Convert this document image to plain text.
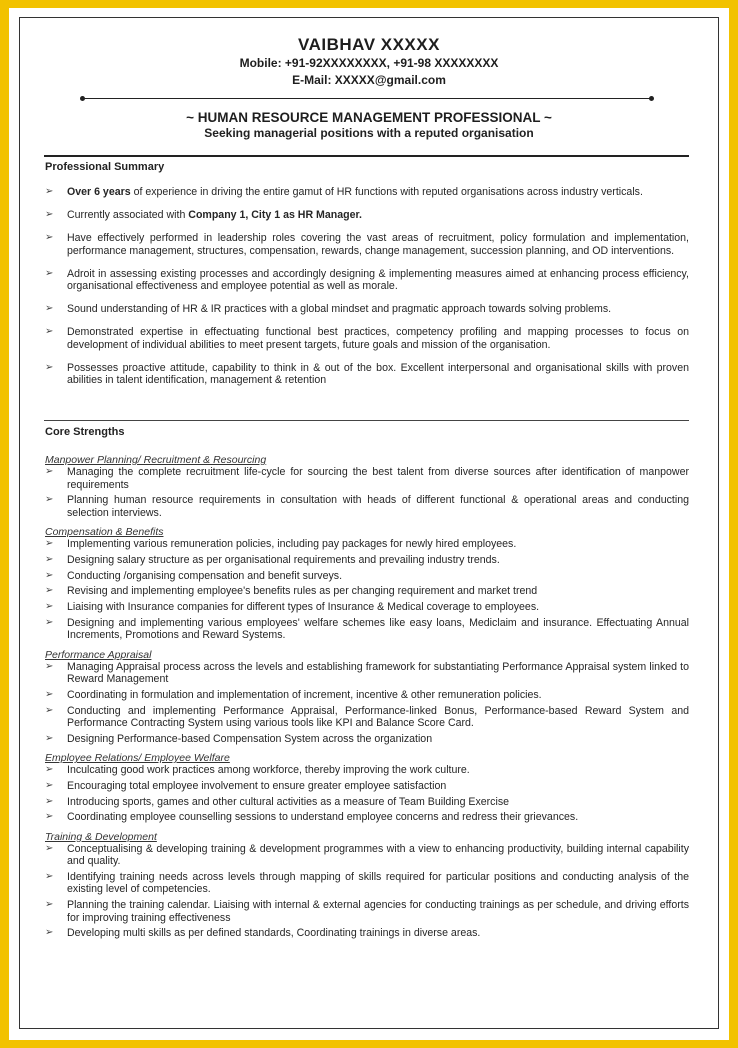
VAIBHAV XXXXX
Mobile: +91-92XXXXXXXX, +91-98 XXXXXXXX
E-Mail: XXXXX@gmail.com
~ HUMAN RESOURCE MANAGEMENT PROFESSIONAL ~
Seeking managerial positions with a reputed organisation
Professional Summary
➢ Over 6 years of experience in driving the entire gamut of HR functions with reputed organisations across industry verticals.
➢ Currently associated with Company 1, City 1 as HR Manager.
➢ Have effectively performed in leadership roles covering the vast areas of recruitment, policy formulation and implementation, performance management, structures, compensation, rewards, change management, succession planning, and OD interventions.
➢ Adroit in assessing existing processes and accordingly designing & implementing measures aimed at enhancing process efficiency, organisational effectiveness and employee potential as well as morale.
➢ Sound understanding of HR & IR practices with a global mindset and pragmatic approach towards solving problems.
➢ Demonstrated expertise in effectuating functional best practices, competency profiling and mapping processes to focus on development of individual abilities to meet present targets, future goals and mission of the organisation.
➢ Possesses proactive attitude, capability to think in & out of the box. Excellent interpersonal and organisational skills with proven abilities in talent identification, management & retention
Core Strengths
Manpower Planning/ Recruitment & Resourcing
➢ Managing the complete recruitment life-cycle for sourcing the best talent from diverse sources after identification of manpower requirements
➢ Planning human resource requirements in consultation with heads of different functional & operational areas and conducting selection interviews.
Compensation & Benefits
➢ Implementing various remuneration policies, including pay packages for newly hired employees.
➢ Designing salary structure as per organisational requirements and prevailing industry trends.
➢ Conducting /organising compensation and benefit surveys.
➢ Revising and implementing employee's benefits rules as per changing requirement and market trend
➢ Liaising with Insurance companies for different types of Insurance & Medical coverage to employees.
➢ Designing and implementing various employees' welfare schemes like easy loans, Mediclaim and insurance. Effectuating Annual Increments, Promotions and Reward Systems.
Performance Appraisal
➢ Managing Appraisal process across the levels and establishing framework for substantiating Performance Appraisal system linked to Reward Management
➢ Coordinating in formulation and implementation of increment, incentive & other remuneration policies.
➢ Conducting and implementing Performance Appraisal, Performance-linked Bonus, Performance-based Reward System and Performance Contracting System using various tools like KPI and Balance Score Card.
➢ Designing Performance-based Compensation System across the organization
Employee Relations/ Employee Welfare
➢ Inculcating good work practices among workforce, thereby improving the work culture.
➢ Encouraging total employee involvement to ensure greater employee satisfaction
➢ Introducing sports, games and other cultural activities as a measure of Team Building Exercise
➢ Coordinating employee counselling sessions to understand employee concerns and redress their grievances.
Training & Development
➢ Conceptualising & developing training & development programmes with a view to enhancing productivity, building internal capability and quality.
➢ Identifying training needs across levels through mapping of skills required for particular positions and conducting analysis of the existing level of competencies.
➢ Planning the training calendar. Liaising with internal & external agencies for conducting trainings as per schedule, and driving efforts for improving training effectiveness
➢ Developing multi skills as per defined standards, Coordinating trainings in diverse areas.
